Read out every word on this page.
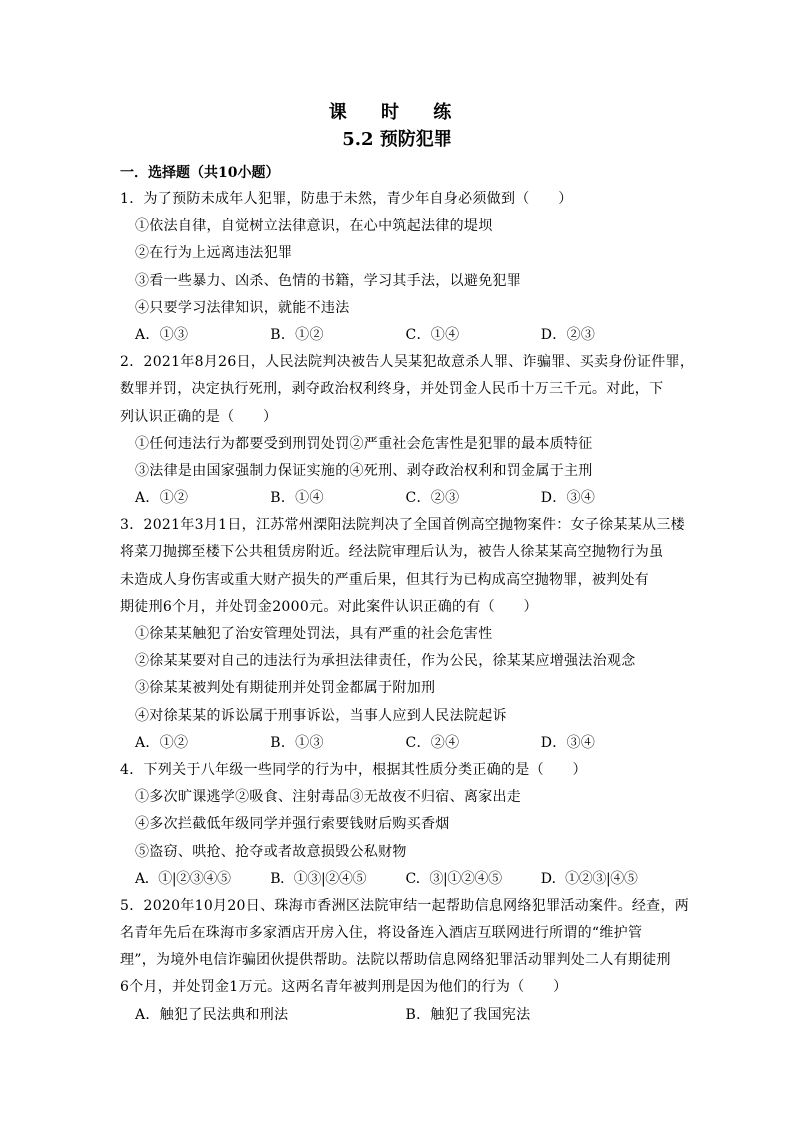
课 时 练
5.2 预防犯罪
一．选择题（共10小题）
1．为了预防未成年人犯罪，防患于未然，青少年自身必须做到（　　）
①依法自律，自觉树立法律意识，在心中筑起法律的堤坝
②在行为上远离违法犯罪
③看一些暴力、凶杀、色情的书籍，学习其手法，以避免犯罪
④只要学习法律知识，就能不违法
A．①③	B．①②	C．①④	D．②③
2．2021年8月26日，人民法院判决被告人吴某犯故意杀人罪、诈骗罪、买卖身份证件罪，
数罪并罚，决定执行死刑，剥夺政治权利终身，并处罚金人民币十万三千元。对此，下
列认识正确的是（　　）
①任何违法行为都要受到刑罚处罚②严重社会危害性是犯罪的最本质特征
③法律是由国家强制力保证实施的④死刑、剥夺政治权利和罚金属于主刑
A．①②	B．①④	C．②③	D．③④
3．2021年3月1日，江苏常州溧阳法院判决了全国首例高空抛物案件：女子徐某某从三楼
将菜刀抛掷至楼下公共租赁房附近。经法院审理后认为，被告人徐某某高空抛物行为虽
未造成人身伤害或重大财产损失的严重后果，但其行为已构成高空抛物罪，被判处有
期徒刑6个月，并处罚金2000元。对此案件认识正确的有（　　）
①徐某某触犯了治安管理处罚法，具有严重的社会危害性
②徐某某要对自己的违法行为承担法律责任，作为公民，徐某某应增强法治观念
③徐某某被判处有期徒刑并处罚金都属于附加刑
④对徐某某的诉讼属于刑事诉讼，当事人应到人民法院起诉
A．①②	B．①③	C．②④	D．③④
4．下列关于八年级一些同学的行为中，根据其性质分类正确的是（　　）
①多次旷课逃学②吸食、注射毒品③无故夜不归宿、离家出走
④多次拦截低年级同学并强行索要钱财后购买香烟
⑤盗窃、哄抢、抢夺或者故意损毁公私财物
A．①|②③④⑤	B．①③|②④⑤	C．③|①②④⑤	D．①②③|④⑤
5．2020年10月20日、珠海市香洲区法院审结一起帮助信息网络犯罪活动案件。经查，两
名青年先后在珠海市多家酒店开房入住，将设备连入酒店互联网进行所谓的“维护管
理”，为境外电信诈骗团伙提供帮助。法院以帮助信息网络犯罪活动罪判处二人有期徒刑
6个月，并处罚金1万元。这两名青年被判刑是因为他们的行为（　　）
A．触犯了民法典和刑法	B．触犯了我国宪法
